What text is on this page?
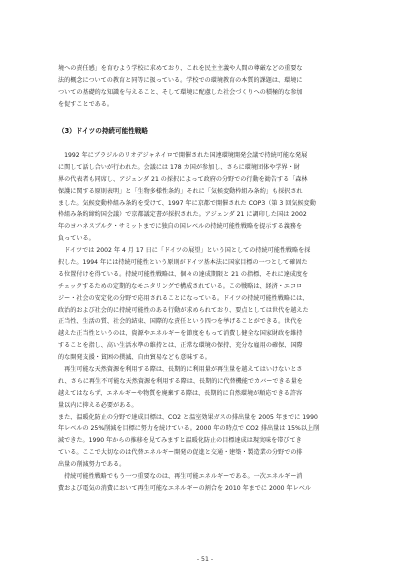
境への責任感」を育むよう学校に求めており、これを民主主義や人間の尊厳などの重要な
法的概念についての教育と同等に扱っている。学校での環境教育の本質的課題は、環境に
ついての基礎的な知識を与えること、そして環境に配慮した社会づくりへの積極的な参加
を促すことである。
（3）ドイツの持続可能性戦略
　1992 年にブラジルのリオデジャネイロで開催された国連環境開発会議で持続可能な発展
に関して話し合いが行われた。会議には 178 カ国が参加し、さらに環境団体や学界・財
界の代表者も同席し、アジェンダ 21 の採択によって政府の分野での行動を勧告する「森林
保護に関する原則表明」と「生物多様性条約」それに「気候変動枠組み条約」も採択され
ました。気候変動枠組み条約を受けて、1997 年に京都で開催された COP3（第 3 回気候変動
枠組み条約締約国会議）で京都議定書が採択された。アジェンダ 21 に調印した国は 2002
年のヨハネスブルク・サミットまでに独自の国レベルの持続可能性戦略を提示する義務を
負っている。
　ドイツでは 2002 年 4 月 17 日に「ドイツの展望」という国としての持続可能性戦略を採
択した。1994 年には持続可能性という原則がドイツ基本法に国家目標の一つとして確固た
る位置付けを得ている。持続可能性戦略は、個々の達成期限と 21 の指標、それに達成度を
チェックするための定期的なモニタリングで構成されている。この戦略は、経済・エコロ
ジー・社会の安定化の分野で応用されることになっている。ドイツの持続可能性戦略には、
政治的および社会的に持続可能性のある行動が求められており、要点としては世代を越えた
正当性、生活の質、社会的結束、国際的な責任という四つを挙げることができる。世代を
越えた正当性というのは、資源やエネルギーを節度をもって消費し健全な国家財政を維持
することを指し、高い生活水準の維持とは、正常な環境の保持、充分な雇用の確保、国際
的な開発支援・貧困の撲滅、自由貿易なども意味する。
　再生可能な天然資源を利用する際は、長期的に利用量が再生量を越えてはいけないとさ
れ、さらに再生不可能な天然資源を利用する際は、長期的に代替機能でカバーできる量を
越えてはならず、エネルギーや物質を廃棄する際は、長期的に自然環境が順応できる許容
量以内に抑える必要がある。
また、温暖化防止の分野で達成目標は、CO2 と温室効果ガスの排出量を 2005 年までに 1990
年レベルの 25%削減を目標に努力を続けている。2000 年の時点で CO2 排出量は 15%以上削
減できた。1990 年からの推移を見てみますと温暖化防止の目標達成は現実味を帯びてき
ている。ここで大切なのは代替エネルギー開発の促進と交通・建築・製造業の分野での排
出量の削減努力である。
　持続可能性戦略でもう一つ重要なのは、再生可能エネルギーである。一次エネルギー消
費および電気の消費において再生可能なエネルギーの割合を 2010 年までに 2000 年レベル
- 51 -
